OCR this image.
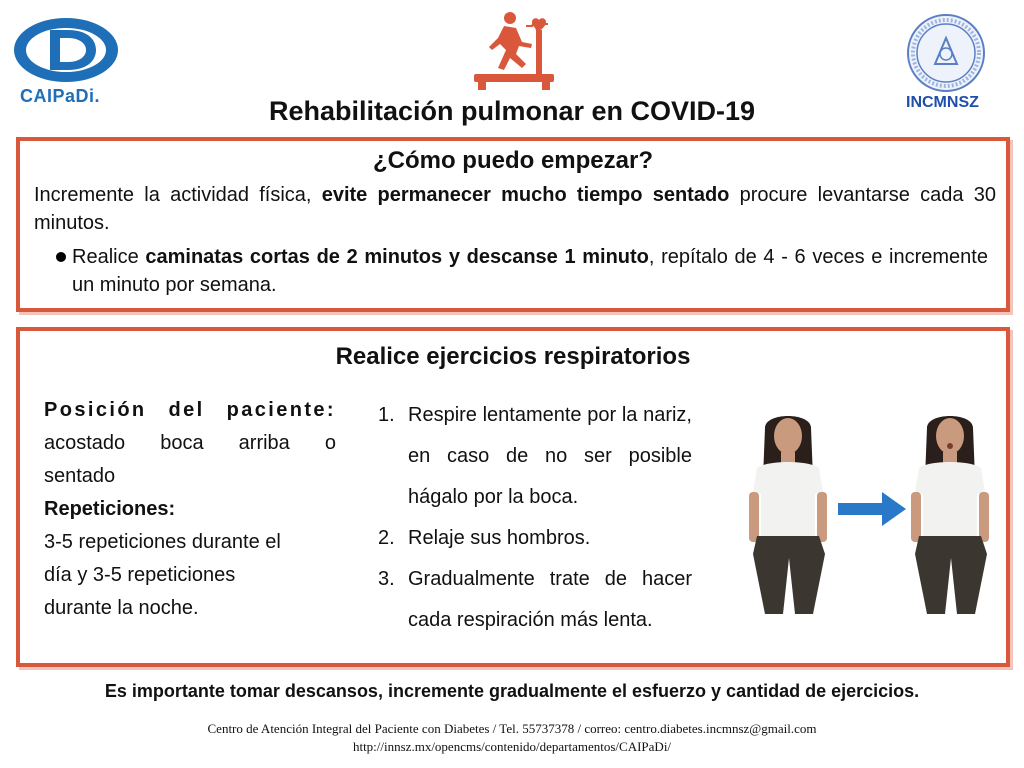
CAIPaDi.	INCMNSZ
Rehabilitación pulmonar en COVID-19
¿Cómo puedo empezar?
Incremente la actividad física, evite permanecer mucho tiempo sentado procure levantarse cada 30 minutos.
Realice caminatas cortas de 2 minutos y descanse 1 minuto, repítalo de 4 - 6 veces e incremente un minuto por semana.
Realice ejercicios respiratorios
Posición del paciente:
acostado boca arriba o
sentado
Repeticiones:
3-5 repeticiones durante el
día y 3-5 repeticiones
durante la noche.
1. Respire lentamente por la nariz, en caso de no ser posible hágalo por la boca.
2. Relaje sus hombros.
3. Gradualmente trate de hacer cada respiración más lenta.
Es importante tomar descansos, incremente gradualmente el esfuerzo y cantidad de ejercicios.
Centro de Atención Integral del Paciente con Diabetes / Tel. 55737378 / correo: centro.diabetes.incmnsz@gmail.com
http://innsz.mx/opencms/contenido/departamentos/CAIPaDi/
